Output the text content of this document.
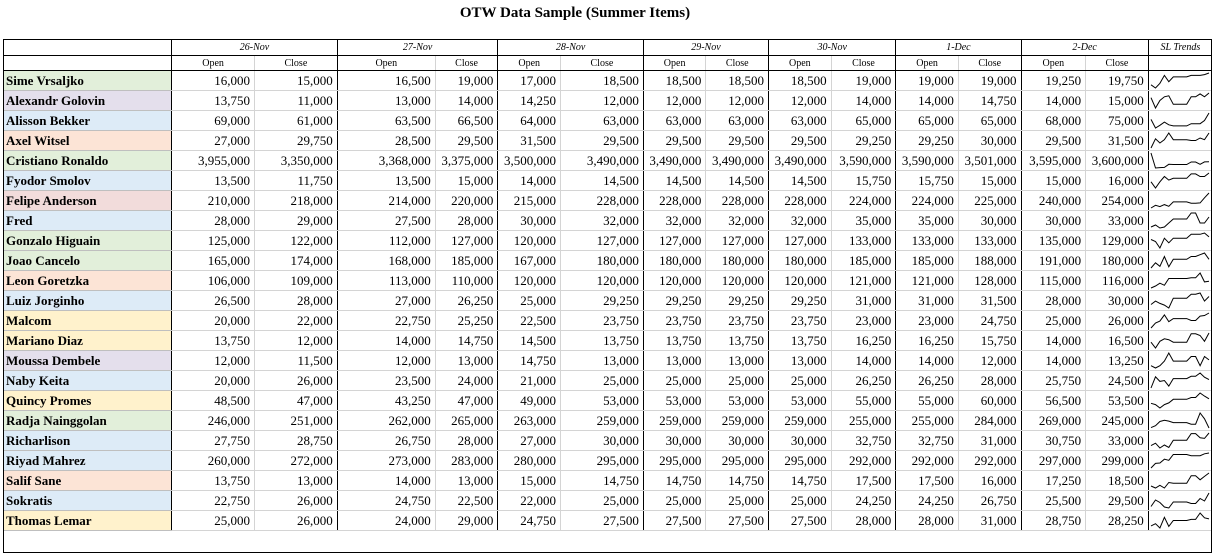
OTW Data Sample (Summer Items)
	26-Nov		27-Nov		28-Nov		29-Nov		30-Nov		1-Dec		2-Dec		SL Trends
	Open	Close	Open	Close	Open	Close	Open	Close	Open	Close	Open	Close	Open	Close	
Sime Vrsaljko	16,000	15,000	16,500	19,000	17,000	18,500	18,500	18,500	18,500	19,000	19,000	19,000	19,250	19,750	

Alexandr Golovin	13,750	11,000	13,000	14,000	14,250	12,000	12,000	12,000	12,000	14,000	14,000	14,750	14,000	15,000	

Alisson Bekker	69,000	61,000	63,500	66,500	64,000	63,000	63,000	63,000	63,000	65,000	65,000	65,000	68,000	75,000	

Axel Witsel	27,000	29,750	28,500	29,500	31,500	29,500	29,500	29,500	29,500	29,250	29,250	30,000	29,500	31,500	

Cristiano Ronaldo	3,955,000	3,350,000	3,368,000	3,375,000	3,500,000	3,490,000	3,490,000	3,490,000	3,490,000	3,590,000	3,590,000	3,501,000	3,595,000	3,600,000	

Fyodor Smolov	13,500	11,750	13,500	15,000	14,000	14,500	14,500	14,500	14,500	15,750	15,750	15,000	15,000	16,000	

Felipe Anderson	210,000	218,000	214,000	220,000	215,000	228,000	228,000	228,000	228,000	224,000	224,000	225,000	240,000	254,000	

Fred	28,000	29,000	27,500	28,000	30,000	32,000	32,000	32,000	32,000	35,000	35,000	30,000	30,000	33,000	

Gonzalo Higuain	125,000	122,000	112,000	127,000	120,000	127,000	127,000	127,000	127,000	133,000	133,000	133,000	135,000	129,000	

Joao Cancelo	165,000	174,000	168,000	185,000	167,000	180,000	180,000	180,000	180,000	185,000	185,000	188,000	191,000	180,000	

Leon Goretzka	106,000	109,000	113,000	110,000	120,000	120,000	120,000	120,000	120,000	121,000	121,000	128,000	115,000	116,000	

Luiz Jorginho	26,500	28,000	27,000	26,250	25,000	29,250	29,250	29,250	29,250	31,000	31,000	31,500	28,000	30,000	

Malcom	20,000	22,000	22,750	25,250	22,500	23,750	23,750	23,750	23,750	23,000	23,000	24,750	25,000	26,000	

Mariano Diaz	13,750	12,000	14,000	14,750	14,500	13,750	13,750	13,750	13,750	16,250	16,250	15,750	14,000	16,500	

Moussa Dembele	12,000	11,500	12,000	13,000	14,750	13,000	13,000	13,000	13,000	14,000	14,000	12,000	14,000	13,250	

Naby Keita	20,000	26,000	23,500	24,000	21,000	25,000	25,000	25,000	25,000	26,250	26,250	28,000	25,750	24,500	

Quincy Promes	48,500	47,000	43,250	47,000	49,000	53,000	53,000	53,000	53,000	55,000	55,000	60,000	56,500	53,500	

Radja Nainggolan	246,000	251,000	262,000	265,000	263,000	259,000	259,000	259,000	259,000	255,000	255,000	284,000	269,000	245,000	

Richarlison	27,750	28,750	26,750	28,000	27,000	30,000	30,000	30,000	30,000	32,750	32,750	31,000	30,750	33,000	

Riyad Mahrez	260,000	272,000	273,000	283,000	280,000	295,000	295,000	295,000	295,000	292,000	292,000	292,000	297,000	299,000	

Salif Sane	13,750	13,000	14,000	13,000	15,000	14,750	14,750	14,750	14,750	17,500	17,500	16,000	17,250	18,500	

Sokratis	22,750	26,000	24,750	22,500	22,000	25,000	25,000	25,000	25,000	24,250	24,250	26,750	25,500	29,500	

Thomas Lemar	25,000	26,000	24,000	29,000	24,750	27,500	27,500	27,500	27,500	28,000	28,000	31,000	28,750	28,250	
